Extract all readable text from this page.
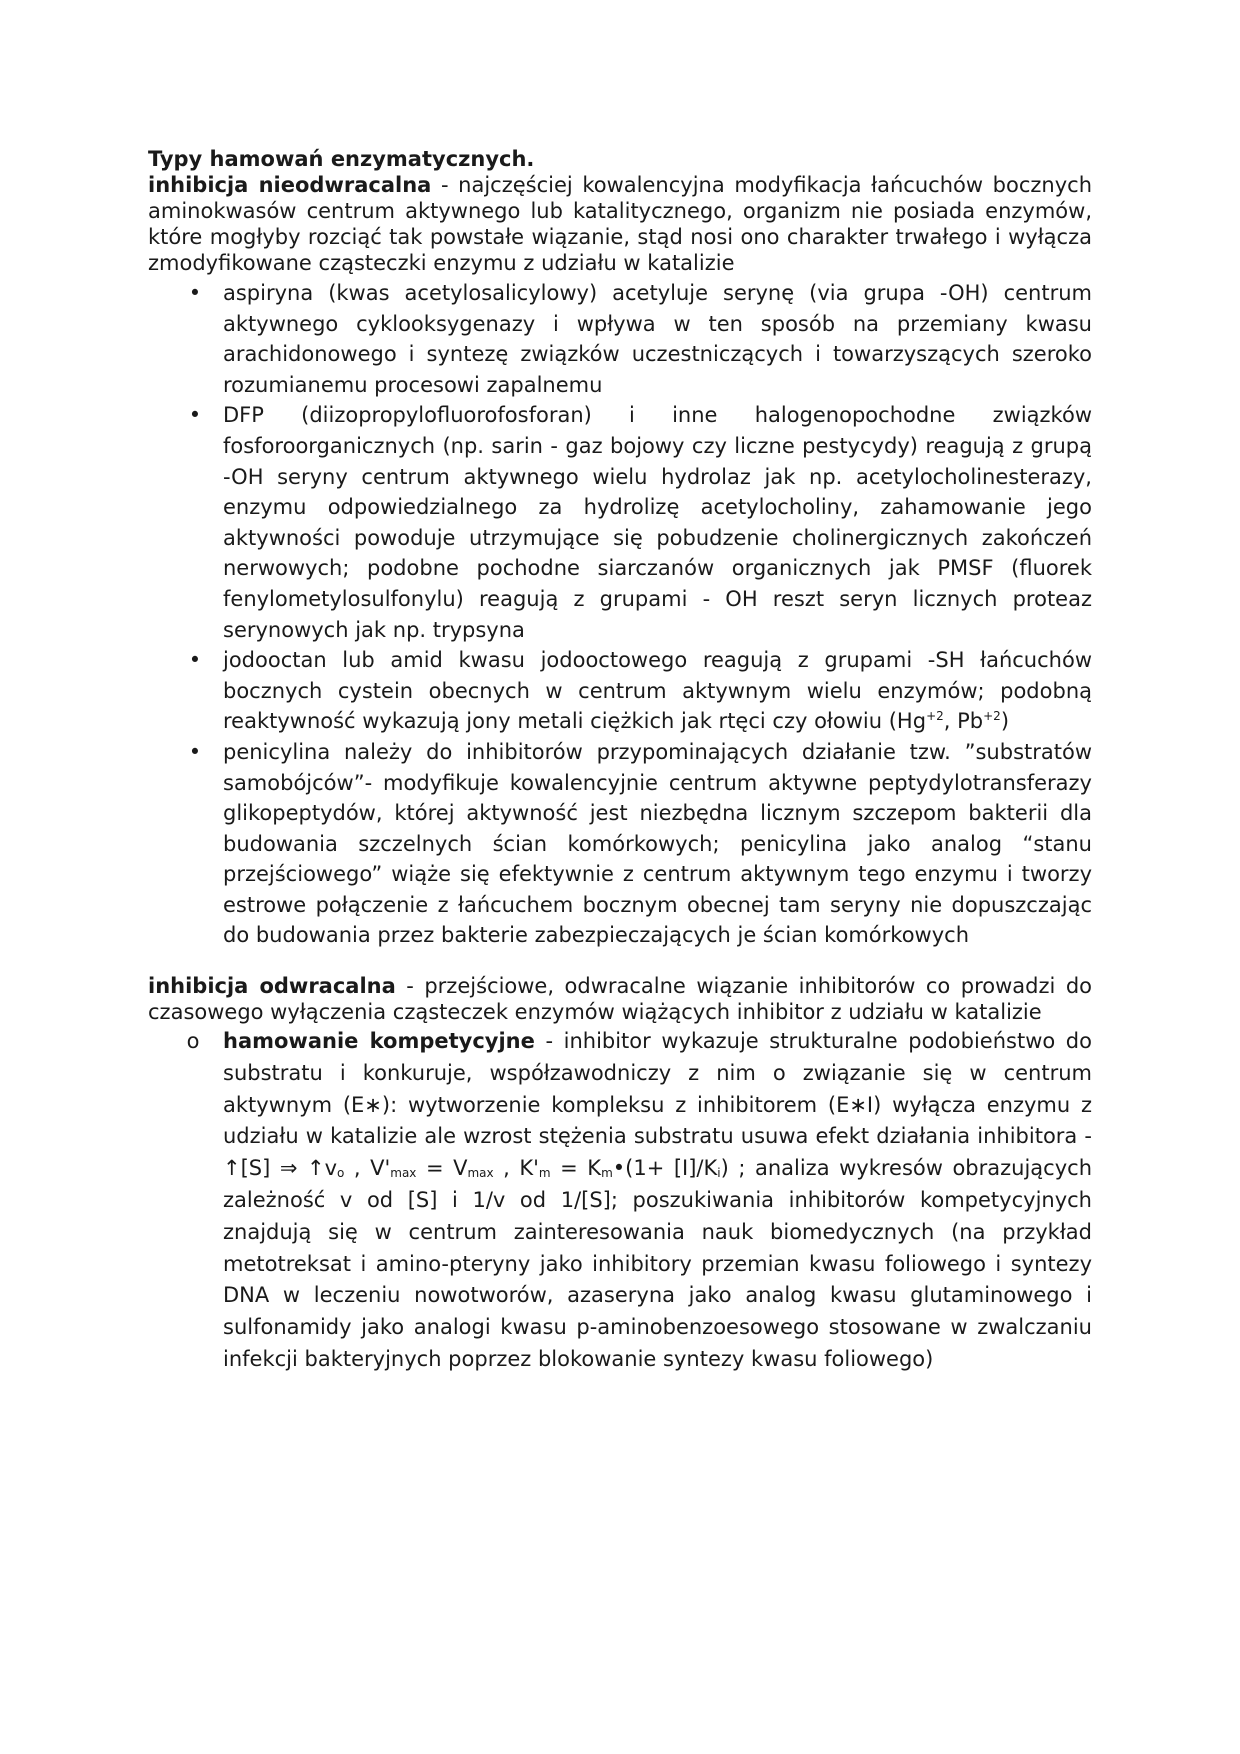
Typy hamowań enzymatycznych.

inhibicja nieodwracalna - najczęściej kowalencyjna modyfikacja łańcuchów bocznych aminokwasów centrum aktywnego lub katalitycznego, organizm nie posiada enzymów, które mogłyby rozciąć tak powstałe wiązanie, stąd nosi ono charakter trwałego i wyłącza zmodyfikowane cząsteczki enzymu z udziału w katalizie

• aspiryna (kwas acetylosalicylowy) acetyluje serynę (via grupa -OH) centrum aktywnego cyklooksygenazy i wpływa w ten sposób na przemiany kwasu arachidonowego i syntezę związków uczestniczących i towarzyszących szeroko rozumianemu procesowi zapalnemu
• DFP (diizopropylofluorofosforan) i inne halogenopochodne związków fosforoorganicznych (np. sarin - gaz bojowy czy liczne pestycydy) reagują z grupą -OH seryny centrum aktywnego wielu hydrolaz jak np. acetylocholinesterazy, enzymu odpowiedzialnego za hydrolizę acetylocholiny, zahamowanie jego aktywności powoduje utrzymujące się pobudzenie cholinergicznych zakończeń nerwowych; podobne pochodne siarczanów organicznych jak PMSF (fluorek fenylometylosulfonylu) reagują z grupami - OH reszt seryn licznych proteaz serynowych jak np. trypsyna
• jodooctan lub amid kwasu jodooctowego reagują z grupami -SH łańcuchów bocznych cystein obecnych w centrum aktywnym wielu enzymów; podobną reaktywność wykazują jony metali ciężkich jak rtęci czy ołowiu ($Hg^{+2}$, $Pb^{+2}$)
• penicylina należy do inhibitorów przypominających działanie tzw. ”substratów samobójców”- modyfikuje kowalencyjnie centrum aktywne peptydylotransferazy glikopeptydów, której aktywność jest niezbędna licznym szczepom bakterii dla budowania szczelnych ścian komórkowych; penicylina jako analog “stanu przejściowego” wiąże się efektywnie z centrum aktywnym tego enzymu i tworzy estrowe połączenie z łańcuchem bocznym obecnej tam seryny nie dopuszczając do budowania przez bakterie zabezpieczających je ścian komórkowych

inhibicja odwracalna - przejściowe, odwracalne wiązanie inhibitorów co prowadzi do czasowego wyłączenia cząsteczek enzymów wiążących inhibitor z udziału w katalizie

o hamowanie kompetycyjne - inhibitor wykazuje strukturalne podobieństwo do substratu i konkuruje, współzawodniczy z nim o związanie się w centrum aktywnym (E∗): wytworzenie kompleksu z inhibitorem (E∗I) wyłącza enzymu z udziału w katalizie ale wzrost stężenia substratu usuwa efekt działania inhibitora - ↑[S] ⇒ $↑v_o$ , $V'_{max} = V_{max}$ , $K'_m$ = $K_m•(1+ [I]/K_i)$ ; analiza wykresów obrazujących zależność v od [S] i 1/v od 1/[S]; poszukiwania inhibitorów kompetycyjnych znajdują się w centrum zainteresowania nauk biomedycznych (na przykład metotreksat i amino-pteryny jako inhibitory przemian kwasu foliowego i syntezy DNA w leczeniu nowotworów, azaseryna jako analog kwasu glutaminowego i sulfonamidy jako analogi kwasu p-aminobenzoesowego stosowane w zwalczaniu infekcji bakteryjnych poprzez blokowanie syntezy kwasu foliowego)
